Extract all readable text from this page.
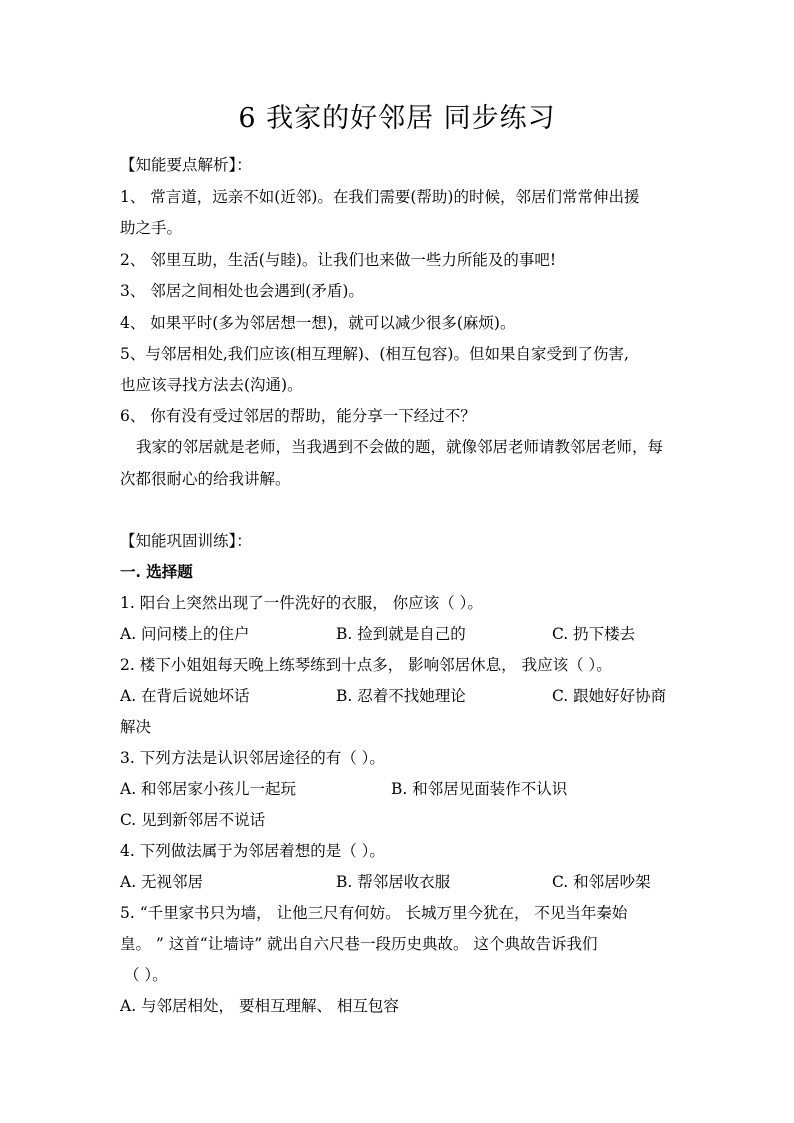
6 我家的好邻居 同步练习
【知能要点解析】：
1、 常言道，远亲不如(近邻)。在我们需要(帮助)的时候，邻居们常常伸出援
助之手。
2、 邻里互助，生活(与睦)。让我们也来做一些力所能及的事吧!
3、 邻居之间相处也会遇到(矛盾)。
4、 如果平时(多为邻居想一想)，就可以减少很多(麻烦)。
5、与邻居相处,我们应该(相互理解)、(相互包容)。但如果自家受到了伤害,
也应该寻找方法去(沟通)。
6、 你有没有受过邻居的帮助，能分享一下经过不？
我家的邻居就是老师，当我遇到不会做的题，就像邻居老师请教邻居老师，每
次都很耐心的给我讲解。
【知能巩固训练】：
一. 选择题
1. 阳台上突然出现了一件洗好的衣服， 你应该（ ）。
A. 问问楼上的住户	B. 捡到就是自己的	C. 扔下楼去
2. 楼下小姐姐每天晚上练琴练到十点多， 影响邻居休息， 我应该（ ）。
A. 在背后说她坏话	B. 忍着不找她理论	C. 跟她好好协商
解决
3. 下列方法是认识邻居途径的有（ ）。
A. 和邻居家小孩儿一起玩	B. 和邻居见面装作不认识
C. 见到新邻居不说话
4. 下列做法属于为邻居着想的是（ ）。
A. 无视邻居	B. 帮邻居收衣服	C. 和邻居吵架
5. “千里家书只为墙， 让他三尺有何妨。 长城万里今犹在， 不见当年秦始
皇。 ” 这首“让墙诗” 就出自六尺巷一段历史典故。 这个典故告诉我们
（ ）。
A. 与邻居相处， 要相互理解、 相互包容
